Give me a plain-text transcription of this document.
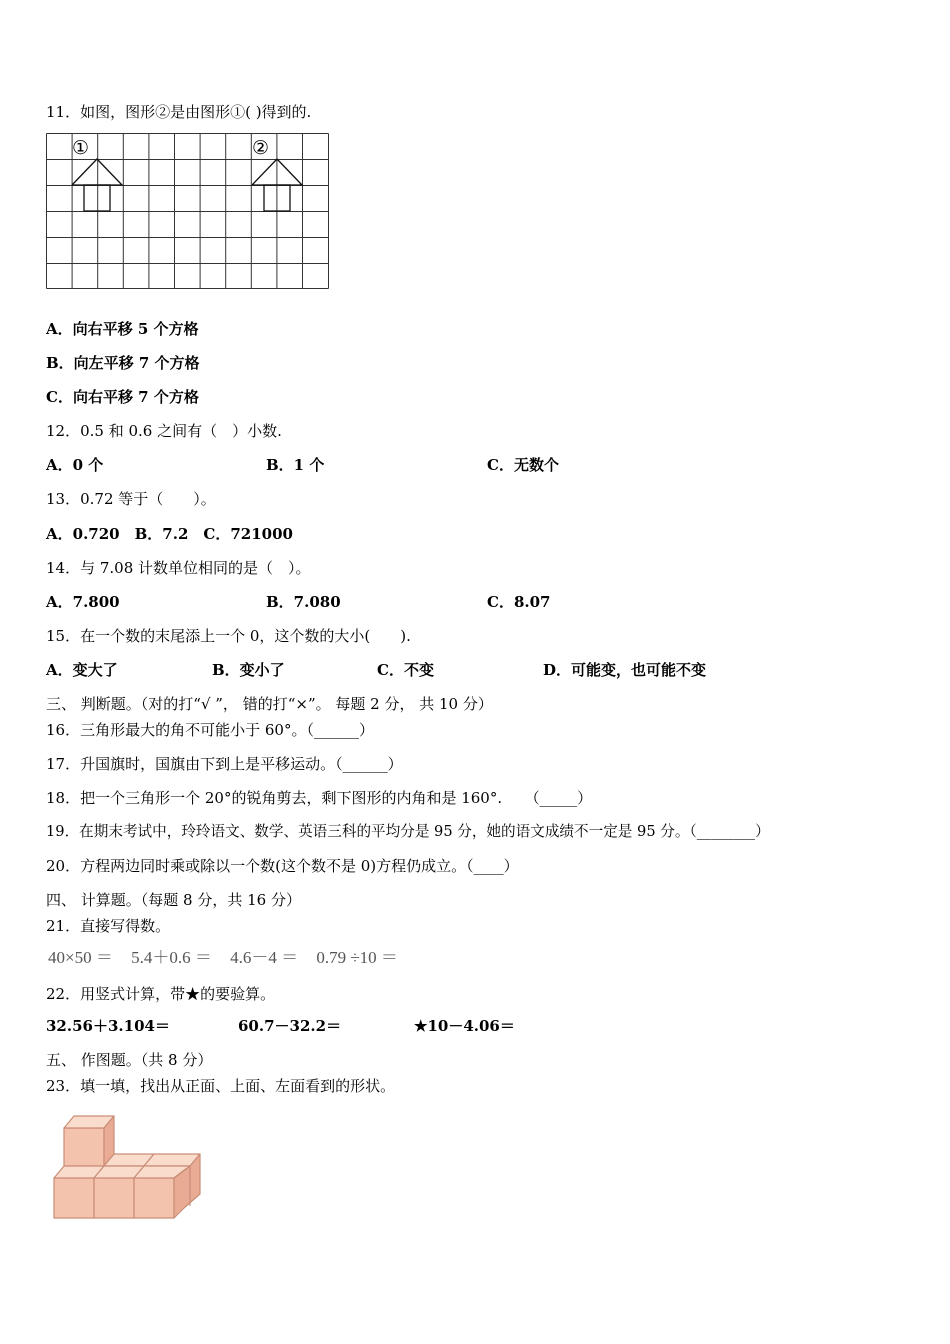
11．如图，图形②是由图形①( )得到的.
①	②
A．向右平移 5 个方格
B．向左平移 7 个方格
C．向右平移 7 个方格
12．0.5 和 0.6 之间有（　）小数.
A．0 个	B．1 个	C．无数个
13．0.72 等于（　　）。
A．0.720　B．7.2　C．721000
14．与 7.08 计数单位相同的是（　）。
A．7.800	B．7.080	C．8.07
15．在一个数的末尾添上一个 0，这个数的大小(　　).
A．变大了	B．变小了	C．不变	D．可能变，也可能不变
三、 判断题。（对的打“√ ”， 错的打“×”。 每题 2 分， 共 10 分）
16．三角形最大的角不可能小于 60°。（______）
17．升国旗时，国旗由下到上是平移运动。（______）
18．把一个三角形一个 20°的锐角剪去，剩下图形的内角和是 160°.　　（_____）
19．在期末考试中，玲玲语文、数学、英语三科的平均分是 95 分，她的语文成绩不一定是 95 分。（________）
20．方程两边同时乘或除以一个数(这个数不是 0)方程仍成立。（____）
四、 计算题。（每题 8 分，共 16 分）
21．直接写得数。
40×50 ＝ 5.4＋0.6 ＝ 4.6－4 ＝ 0.79 ÷10 ＝
22．用竖式计算，带★的要验算。
32.56＋3.104＝	60.7－32.2＝	★10－4.06＝
五、 作图题。（共 8 分）
23．填一填，找出从正面、上面、左面看到的形状。
